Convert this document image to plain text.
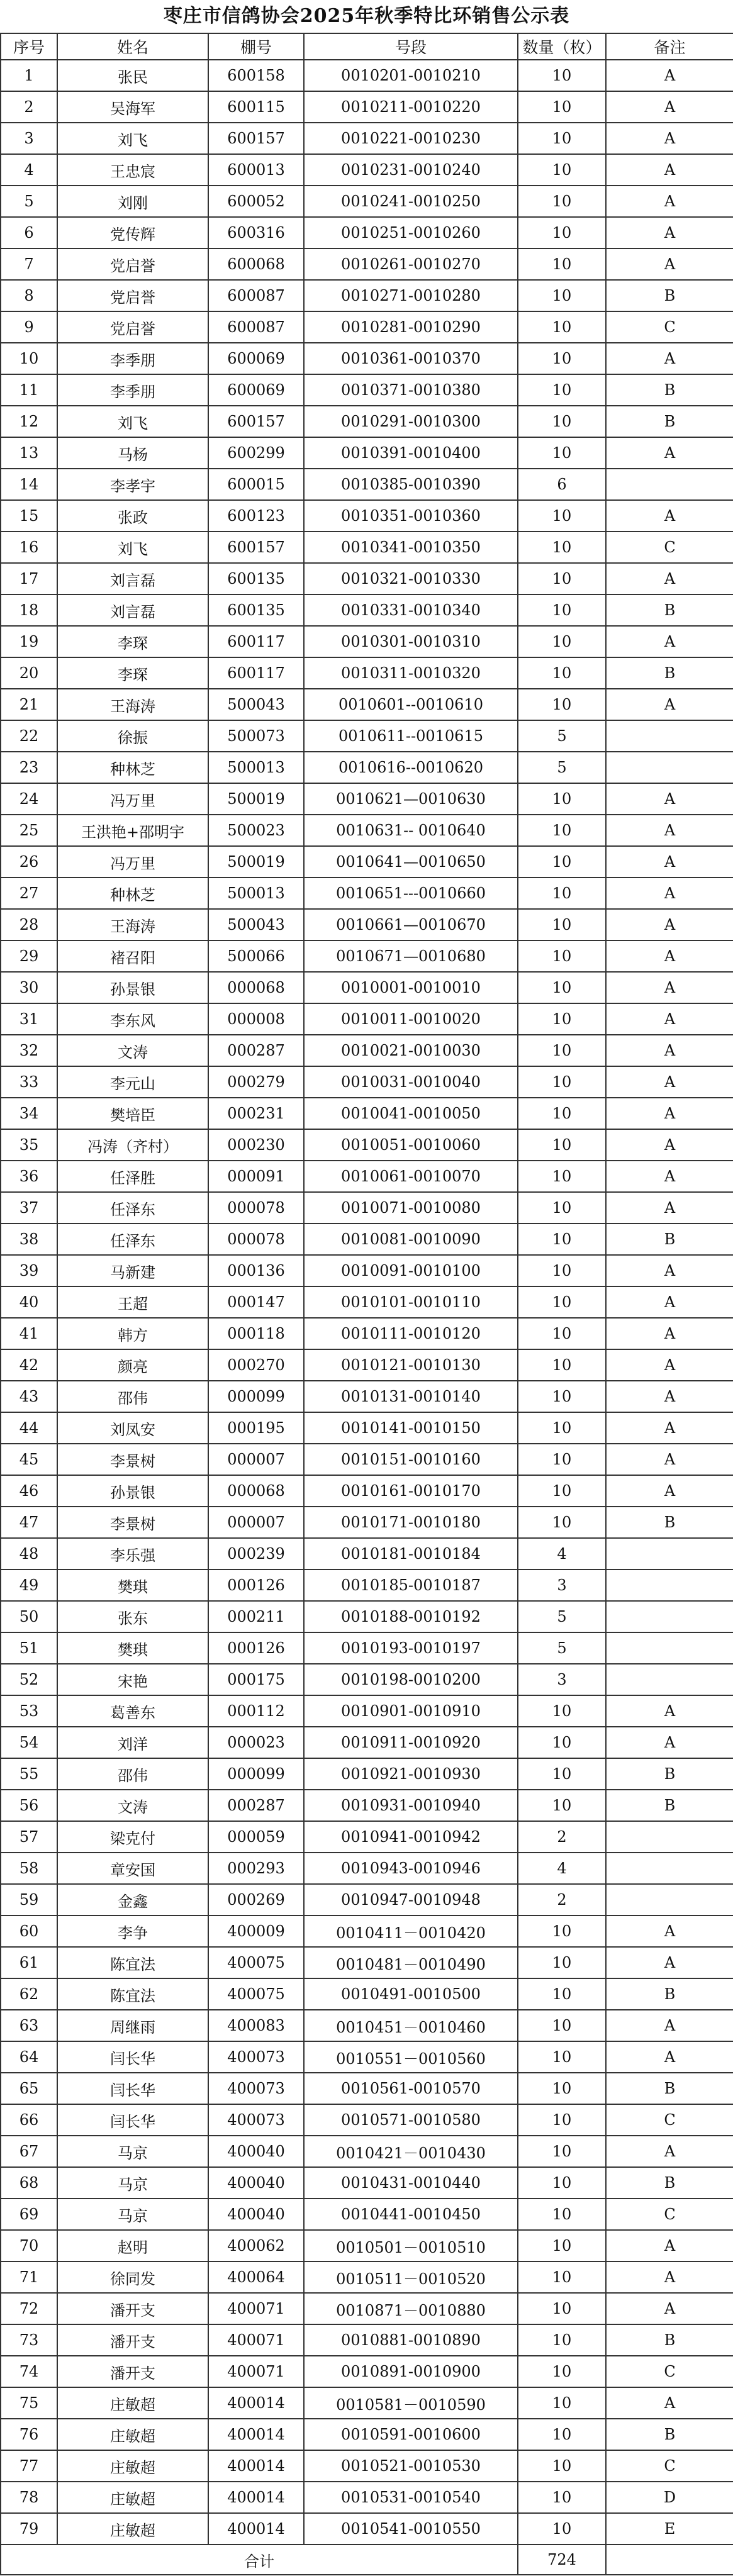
枣庄市信鸽协会2025年秋季特比环销售公示表
序号	姓名	棚号	号段	数量（枚）	备注
1	张民	600158	0010201-0010210	10	A
2	吴海军	600115	0010211-0010220	10	A
3	刘飞	600157	0010221-0010230	10	A
4	王忠宸	600013	0010231-0010240	10	A
5	刘刚	600052	0010241-0010250	10	A
6	党传辉	600316	0010251-0010260	10	A
7	党启誉	600068	0010261-0010270	10	A
8	党启誉	600087	0010271-0010280	10	B
9	党启誉	600087	0010281-0010290	10	C
10	李季朋	600069	0010361-0010370	10	A
11	李季朋	600069	0010371-0010380	10	B
12	刘飞	600157	0010291-0010300	10	B
13	马杨	600299	0010391-0010400	10	A
14	李孝宇	600015	0010385-0010390	6	
15	张政	600123	0010351-0010360	10	A
16	刘飞	600157	0010341-0010350	10	C
17	刘言磊	600135	0010321-0010330	10	A
18	刘言磊	600135	0010331-0010340	10	B
19	李琛	600117	0010301-0010310	10	A
20	李琛	600117	0010311-0010320	10	B
21	王海涛	500043	0010601--0010610	10	A
22	徐振	500073	0010611--0010615	5	
23	种林芝	500013	0010616--0010620	5	
24	冯万里	500019	0010621—0010630	10	A
25	王洪艳+邵明宇	500023	0010631-- 0010640	10	A
26	冯万里	500019	0010641—0010650	10	A
27	种林芝	500013	0010651---0010660	10	A
28	王海涛	500043	0010661—0010670	10	A
29	褚召阳	500066	0010671—0010680	10	A
30	孙景银	000068	0010001-0010010	10	A
31	李东风	000008	0010011-0010020	10	A
32	文涛	000287	0010021-0010030	10	A
33	李元山	000279	0010031-0010040	10	A
34	樊培臣	000231	0010041-0010050	10	A
35	冯涛（齐村）	000230	0010051-0010060	10	A
36	任泽胜	000091	0010061-0010070	10	A
37	任泽东	000078	0010071-0010080	10	A
38	任泽东	000078	0010081-0010090	10	B
39	马新建	000136	0010091-0010100	10	A
40	王超	000147	0010101-0010110	10	A
41	韩方	000118	0010111-0010120	10	A
42	颜亮	000270	0010121-0010130	10	A
43	邵伟	000099	0010131-0010140	10	A
44	刘凤安	000195	0010141-0010150	10	A
45	李景树	000007	0010151-0010160	10	A
46	孙景银	000068	0010161-0010170	10	A
47	李景树	000007	0010171-0010180	10	B
48	李乐强	000239	0010181-0010184	4	
49	樊琪	000126	0010185-0010187	3	
50	张东	000211	0010188-0010192	5	
51	樊琪	000126	0010193-0010197	5	
52	宋艳	000175	0010198-0010200	3	
53	葛善东	000112	0010901-0010910	10	A
54	刘洋	000023	0010911-0010920	10	A
55	邵伟	000099	0010921-0010930	10	B
56	文涛	000287	0010931-0010940	10	B
57	梁克付	000059	0010941-0010942	2	
58	章安国	000293	0010943-0010946	4	
59	金鑫	000269	0010947-0010948	2	
60	李争	400009	0010411－0010420	10	A
61	陈宜法	400075	0010481－0010490	10	A
62	陈宜法	400075	0010491-0010500	10	B
63	周继雨	400083	0010451－0010460	10	A
64	闫长华	400073	0010551－0010560	10	A
65	闫长华	400073	0010561-0010570	10	B
66	闫长华	400073	0010571-0010580	10	C
67	马京	400040	0010421－0010430	10	A
68	马京	400040	0010431-0010440	10	B
69	马京	400040	0010441-0010450	10	C
70	赵明	400062	0010501－0010510	10	A
71	徐同发	400064	0010511－0010520	10	A
72	潘开支	400071	0010871－0010880	10	A
73	潘开支	400071	0010881-0010890	10	B
74	潘开支	400071	0010891-0010900	10	C
75	庄敏超	400014	0010581－0010590	10	A
76	庄敏超	400014	0010591-0010600	10	B
77	庄敏超	400014	0010521-0010530	10	C
78	庄敏超	400014	0010531-0010540	10	D
79	庄敏超	400014	0010541-0010550	10	E
合计				724	
